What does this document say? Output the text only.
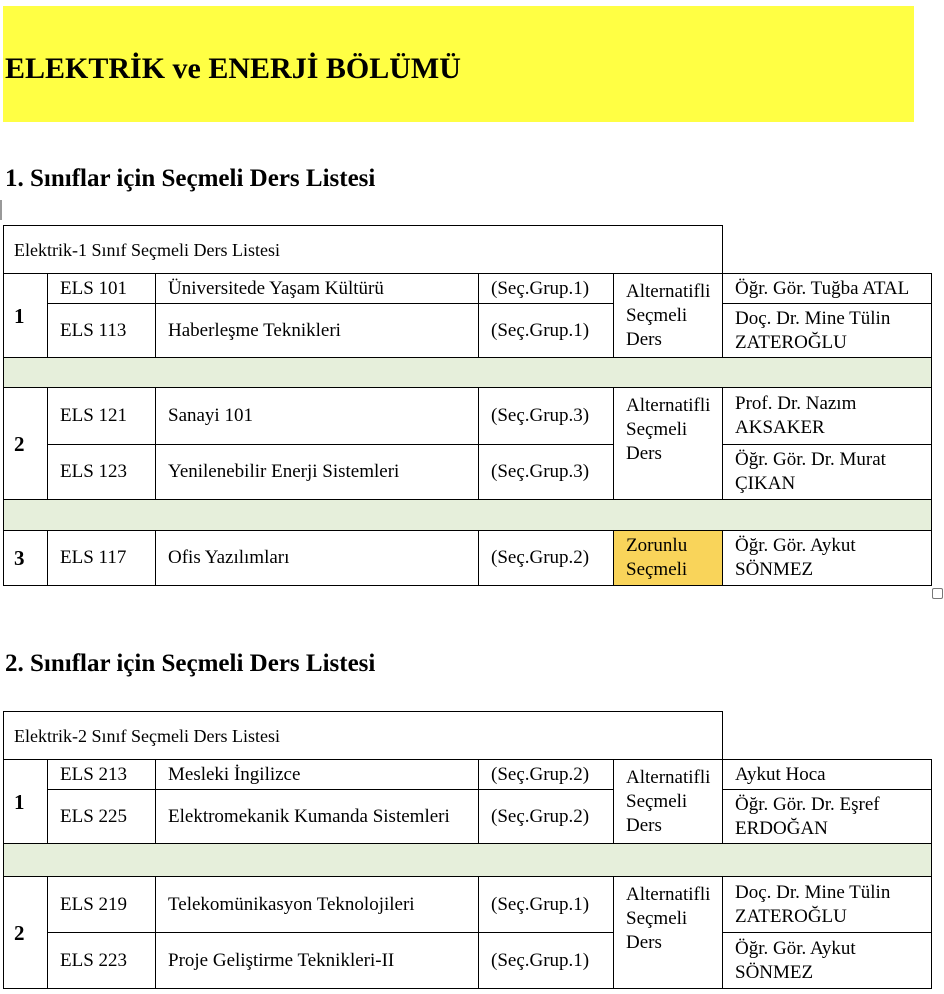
ELEKTRİK ve ENERJİ BÖLÜMÜ
1. Sınıflar için Seçmeli Ders Listesi
Elektrik-1 Sınıf Seçmeli Ders Listesi					
1	ELS 101	Üniversitede Yaşam Kültürü	(Seç.Grup.1)	Alternatifli Seçmeli Ders	Öğr. Gör. Tuğba ATAL
	ELS 113	Haberleşme Teknikleri	(Seç.Grup.1)		Doç. Dr. Mine Tülin ZATEROĞLU

2	ELS 121	Sanayi 101	(Seç.Grup.3)	Alternatifli Seçmeli Ders	Prof. Dr. Nazım AKSAKER
	ELS 123	Yenilenebilir Enerji Sistemleri	(Seç.Grup.3)		Öğr. Gör. Dr. Murat ÇIKAN

3	ELS 117	Ofis Yazılımları	(Seç.Grup.2)	Zorunlu Seçmeli	Öğr. Gör. Aykut SÖNMEZ
2. Sınıflar için Seçmeli Ders Listesi
Elektrik-2 Sınıf Seçmeli Ders Listesi					
1	ELS 213	Mesleki İngilizce	(Seç.Grup.2)	Alternatifli Seçmeli Ders	Aykut Hoca
	ELS 225	Elektromekanik Kumanda Sistemleri	(Seç.Grup.2)		Öğr. Gör. Dr. Eşref ERDOĞAN

2	ELS 219	Telekomünikasyon Teknolojileri	(Seç.Grup.1)	Alternatifli Seçmeli Ders	Doç. Dr. Mine Tülin ZATEROĞLU
	ELS 223	Proje Geliştirme Teknikleri-II	(Seç.Grup.1)		Öğr. Gör. Aykut SÖNMEZ
